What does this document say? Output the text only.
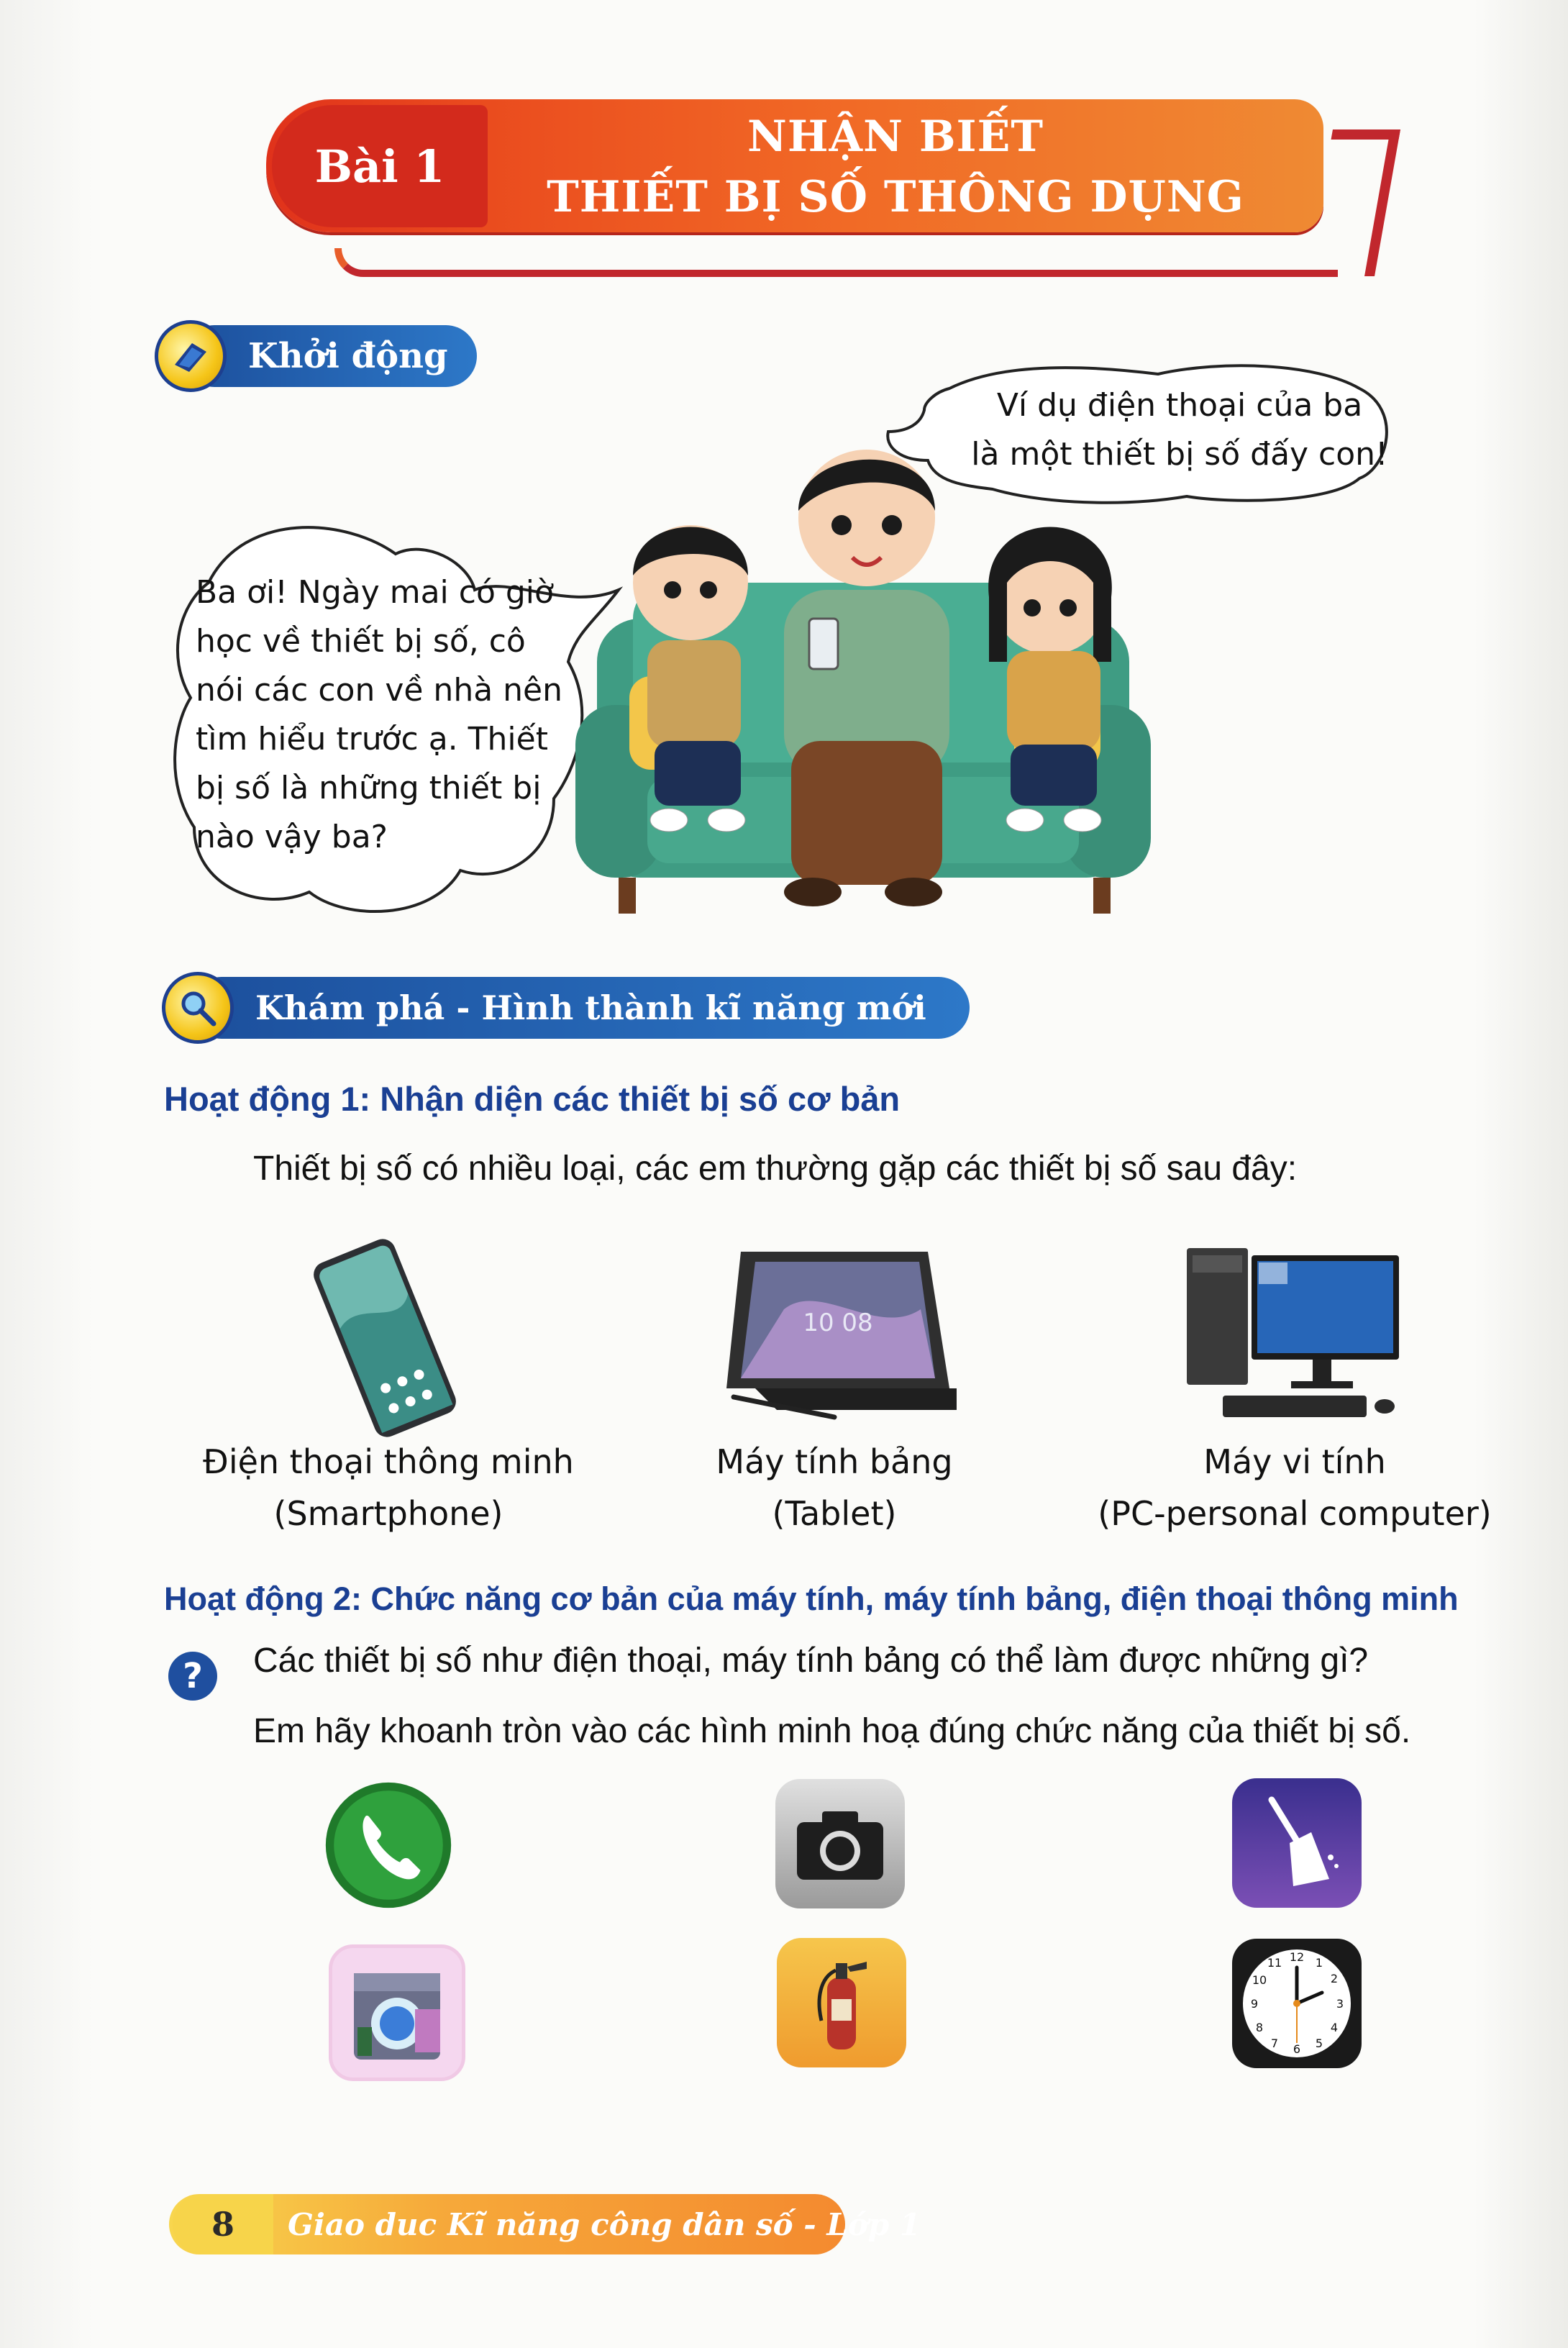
Bài 1
NHẬN BIẾT
THIẾT BỊ SỐ THÔNG DỤNG
Khởi động
Ba ơi! Ngày mai có giờ
học về thiết bị số, cô
nói các con về nhà nên
tìm hiểu trước ạ. Thiết
bị số là những thiết bị
nào vậy ba?
Ví dụ điện thoại của ba
là một thiết bị số đấy con!
Khám phá - Hình thành kĩ năng mới
Hoạt động 1: Nhận diện các thiết bị số cơ bản
Thiết bị số có nhiều loại, các em thường gặp các thiết bị số sau đây:
10 08
Điện thoại thông minh
(Smartphone)
Máy tính bảng
(Tablet)
Máy vi tính
(PC-personal computer)
Hoạt động 2: Chức năng cơ bản của máy tính, máy tính bảng, điện thoại thông minh
? Các thiết bị số như điện thoại, máy tính bảng có thể làm được những gì?
Em hãy khoanh tròn vào các hình minh hoạ đúng chức năng của thiết bị số.
12 1
2
3
4
5
6
7
8
9
10
11
8	Giao duc Kĩ năng công dân số - Lớp 1
